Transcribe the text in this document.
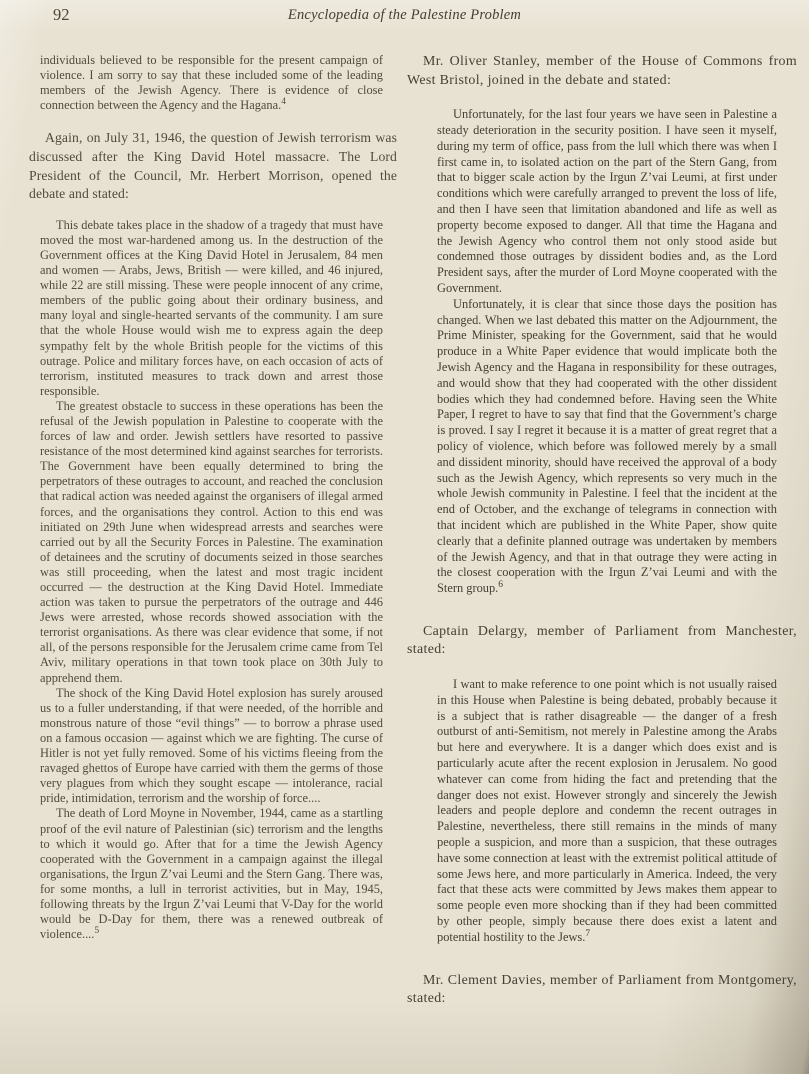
92	Encyclopedia of the Palestine Problem

individuals believed to be responsible for the present campaign of violence. I am sorry to say that these included some of the leading members of the Jewish Agency. There is evidence of close connection between the Agency and the Hagana.$^4$

Again, on July 31, 1946, the question of Jewish terrorism was discussed after the King David Hotel massacre. The Lord President of the Council, Mr. Herbert Morrison, opened the debate and stated:

This debate takes place in the shadow of a tragedy that must have moved the most war-hardened among us. In the destruction of the Government offices at the King David Hotel in Jerusalem, 84 men and women — Arabs, Jews, British — were killed, and 46 injured, while 22 are still missing. These were people innocent of any crime, members of the public going about their ordinary business, and many loyal and single-hearted servants of the community. I am sure that the whole House would wish me to express again the deep sympathy felt by the whole British people for the victims of this outrage. Police and military forces have, on each occasion of acts of terrorism, instituted measures to track down and arrest those responsible.

The greatest obstacle to success in these operations has been the refusal of the Jewish population in Palestine to cooperate with the forces of law and order. Jewish settlers have resorted to passive resistance of the most determined kind against searches for terrorists. The Government have been equally determined to bring the perpetrators of these outrages to account, and reached the conclusion that radical action was needed against the organisers of illegal armed forces, and the organisations they control. Action to this end was initiated on 29th June when widespread arrests and searches were carried out by all the Security Forces in Palestine. The examination of detainees and the scrutiny of documents seized in those searches was still proceeding, when the latest and most tragic incident occurred — the destruction at the King David Hotel. Immediate action was taken to pursue the perpetrators of the outrage and 446 Jews were arrested, whose records showed association with the terrorist organisations. As there was clear evidence that some, if not all, of the persons responsible for the Jerusalem crime came from Tel Aviv, military operations in that town took place on 30th July to apprehend them.

The shock of the King David Hotel explosion has surely aroused us to a fuller understanding, if that were needed, of the horrible and monstrous nature of those “evil things” — to borrow a phrase used on a famous occasion — against which we are fighting. The curse of Hitler is not yet fully removed. Some of his victims fleeing from the ravaged ghettos of Europe have carried with them the germs of those very plagues from which they sought escape — intolerance, racial pride, intimidation, terrorism and the worship of force....

The death of Lord Moyne in November, 1944, came as a startling proof of the evil nature of Palestinian (sic) terrorism and the lengths to which it would go. After that for a time the Jewish Agency cooperated with the Government in a campaign against the illegal organisations, the Irgun Z’vai Leumi and the Stern Gang. There was, for some months, a lull in terrorist activities, but in May, 1945, following threats by the Irgun Z’vai Leumi that V-Day for the world would be D-Day for them, there was a renewed outbreak of violence....$^5$

Mr. Oliver Stanley, member of the House of Commons from West Bristol, joined in the debate and stated:

Unfortunately, for the last four years we have seen in Palestine a steady deterioration in the security position. I have seen it myself, during my term of office, pass from the lull which there was when I first came in, to isolated action on the part of the Stern Gang, from that to bigger scale action by the Irgun Z’vai Leumi, at first under conditions which were carefully arranged to prevent the loss of life, and then I have seen that limitation abandoned and life as well as property become exposed to danger. All that time the Hagana and the Jewish Agency who control them not only stood aside but condemned those outrages by dissident bodies and, as the Lord President says, after the murder of Lord Moyne cooperated with the Government.

Unfortunately, it is clear that since those days the position has changed. When we last debated this matter on the Adjournment, the Prime Minister, speaking for the Government, said that he would produce in a White Paper evidence that would implicate both the Jewish Agency and the Hagana in responsibility for these outrages, and would show that they had cooperated with the other dissident bodies which they had condemned before. Having seen the White Paper, I regret to have to say that find that the Government’s charge is proved. I say I regret it because it is a matter of great regret that a policy of violence, which before was followed merely by a small and dissident minority, should have received the approval of a body such as the Jewish Agency, which represents so very much in the whole Jewish community in Palestine. I feel that the incident at the end of October, and the exchange of telegrams in connection with that incident which are published in the White Paper, show quite clearly that a definite planned outrage was undertaken by members of the Jewish Agency, and that in that outrage they were acting in the closest cooperation with the Irgun Z’vai Leumi and with the Stern group.$^6$

Captain Delargy, member of Parliament from Manchester, stated:

I want to make reference to one point which is not usually raised in this House when Palestine is being debated, probably because it is a subject that is rather disagreable — the danger of a fresh outburst of anti-Semitism, not merely in Palestine among the Arabs but here and everywhere. It is a danger which does exist and is particularly acute after the recent explosion in Jerusalem. No good whatever can come from hiding the fact and pretending that the danger does not exist. However strongly and sincerely the Jewish leaders and people deplore and condemn the recent outrages in Palestine, nevertheless, there still remains in the minds of many people a suspicion, and more than a suspicion, that these outrages have some connection at least with the extremist political attitude of some Jews here, and more particularly in America. Indeed, the very fact that these acts were committed by Jews makes them appear to some people even more shocking than if they had been committed by other people, simply because there does exist a latent and potential hostility to the Jews.$^7$

Mr. Clement Davies, member of Parliament from Montgomery, stated:
